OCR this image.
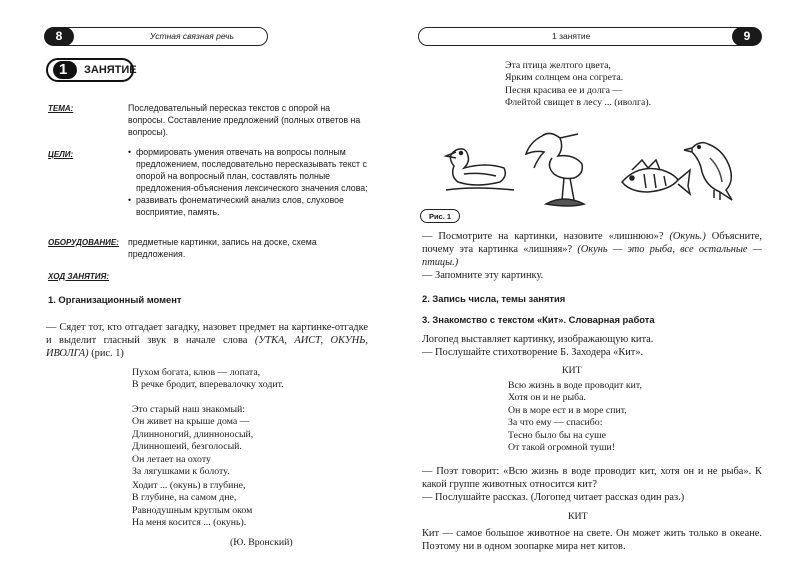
8	Устная связная речь
1 ЗАНЯТИЕ
ТЕМА:	Последовательный пересказ текстов с опорой на вопросы. Составление предложений (полных ответов на вопросы).
ЦЕЛИ:
•	формировать умения отвечать на вопросы полным предложением, последовательно пересказывать текст с опорой на вопросный план, составлять полные предложения-объяснения лексического значения слова;
• развивать фонематический анализ слов, слуховое восприятие, память.
ОБОРУДОВАНИЕ: предметные картинки, запись на доске, схема предложения.
ХОД ЗАНЯТИЯ:
1. Организационный момент
— Сядет тот, кто отгадает загадку, назовет предмет на картинке-отгадке и выделит гласный звук в начале слова (УТКА, АИСТ, ОКУНЬ, ИВОЛГА) (рис. 1)
Пухом богата, клюв — лопата,
В речке бродит, вперевалочку ходит.
Это старый наш знакомый:
Он живет на крыше дома —
Длинноногий, длинноносый,
Длинношеий, безголосый.
Он летает на охоту
За лягушками к болоту.
Ходит ... (окунь) в глубине,
В глубине, на самом дне,
Равнодушным круглым оком
На меня косится ... (окунь).
(Ю. Вронский)
9
1 занятие
Эта птица желтого цвета,
Ярким солнцем она согрета.
Песня красива ее и долга —
Флейтой свищет в лесу ... (иволга).
Рис. 1
— Посмотрите на картинки, назовите «лишнюю»? (Окунь.) Объясните, почему эта картинка «лишняя»? (Окунь — это рыба, все остальные — птицы.)
— Запомните эту картинку.
2. Запись числа, темы занятия
3. Знакомство с текстом «Кит». Словарная работа
Логопед выставляет картинку, изображающую кита.
— Послушайте стихотворение Б. Заходера «Кит».
КИТ
Всю жизнь в воде проводит кит,
Хотя он и не рыба.
Он в море ест и в море спит,
За что ему — спасибо:
Тесно было бы на суше
От такой огромной туши!
— Поэт говорит: «Всю жизнь в воде проводит кит, хотя он и не рыба». К какой группе животных относится кит?
— Послушайте рассказ. (Логопед читает рассказ один раз.)
КИТ
Кит — самое большое животное на свете. Он может жить только в океане. Поэтому ни в одном зоопарке мира нет китов.
